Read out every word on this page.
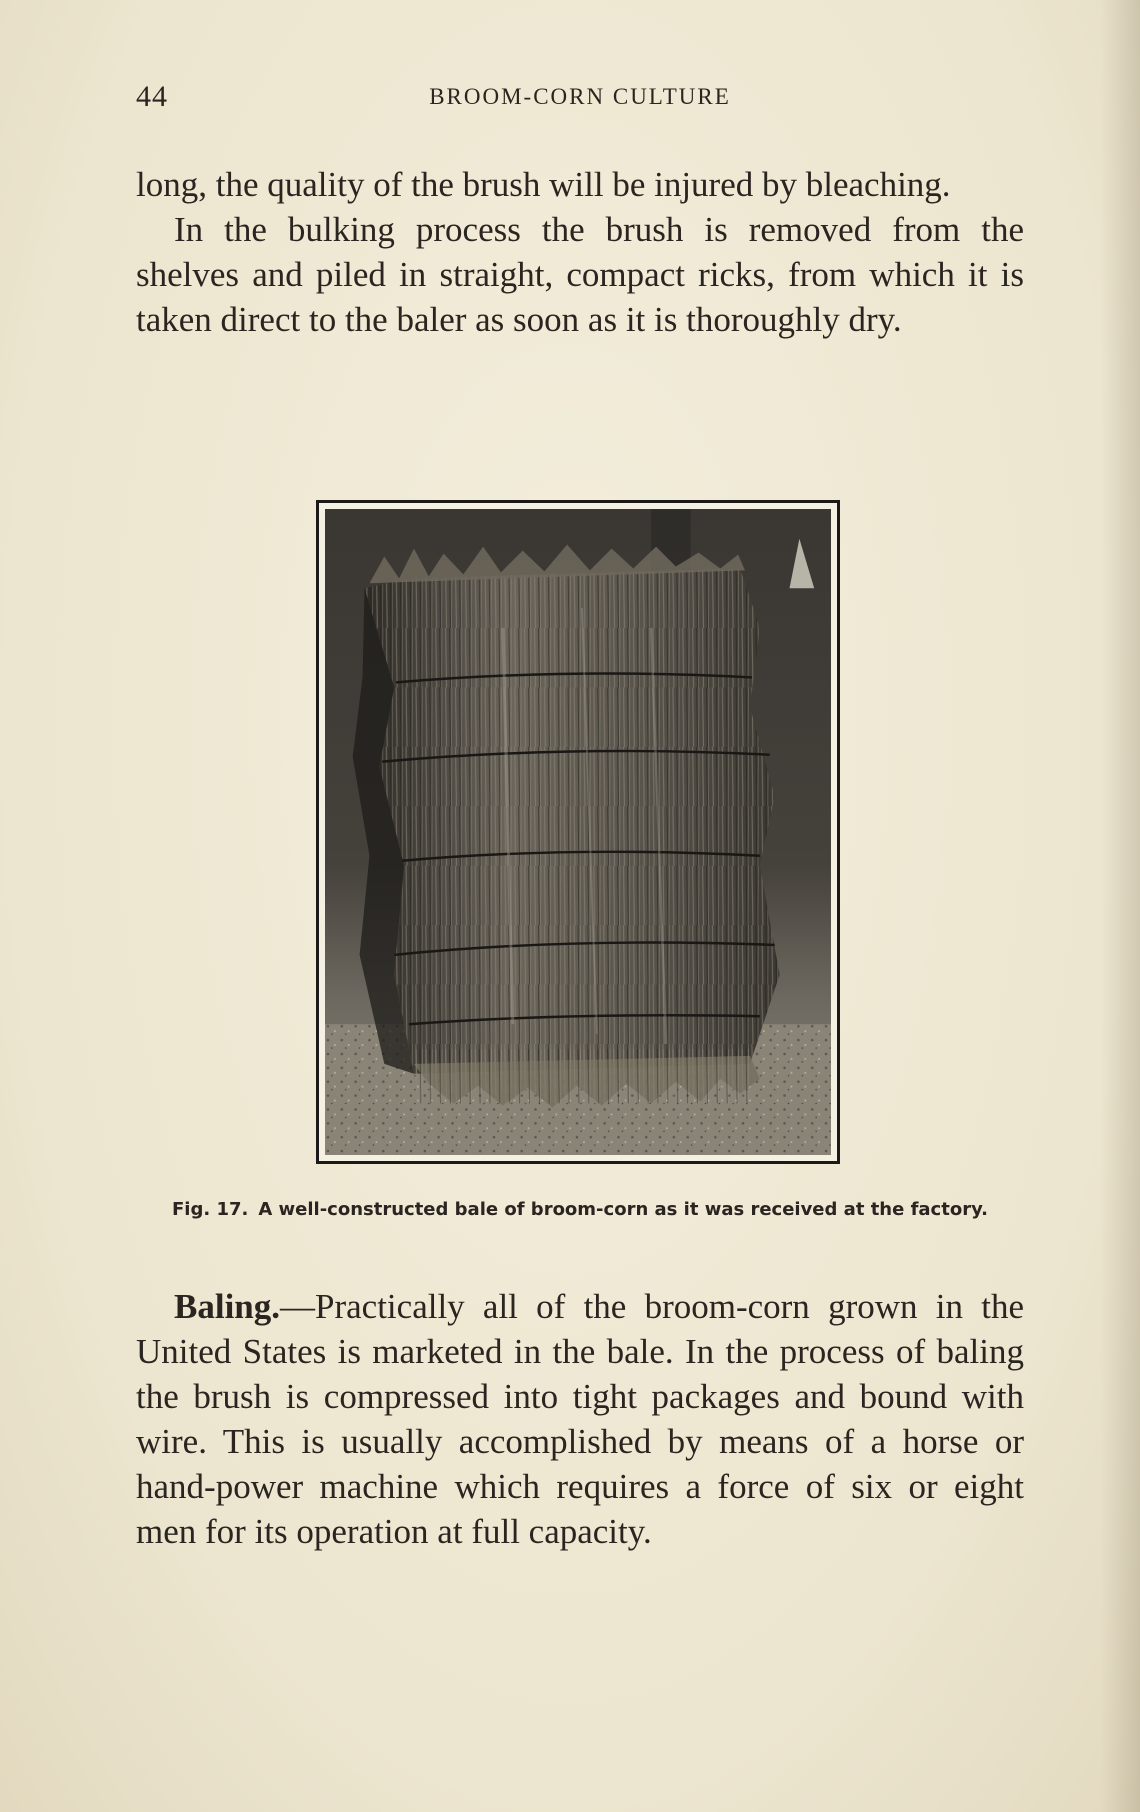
44	BROOM-CORN CULTURE

long, the quality of the brush will be injured by bleaching.

In the bulking process the brush is removed from the shelves and piled in straight, compact ricks, from which it is taken direct to the baler as soon as it is thoroughly dry.

Fig. 17. A well-constructed bale of broom-corn as it was received at the factory.

Baling.—Practically all of the broom-corn grown in the United States is marketed in the bale. In the process of baling the brush is compressed into tight packages and bound with wire. This is usually accomplished by means of a horse or hand-power machine which requires a force of six or eight men for its operation at full capacity.
